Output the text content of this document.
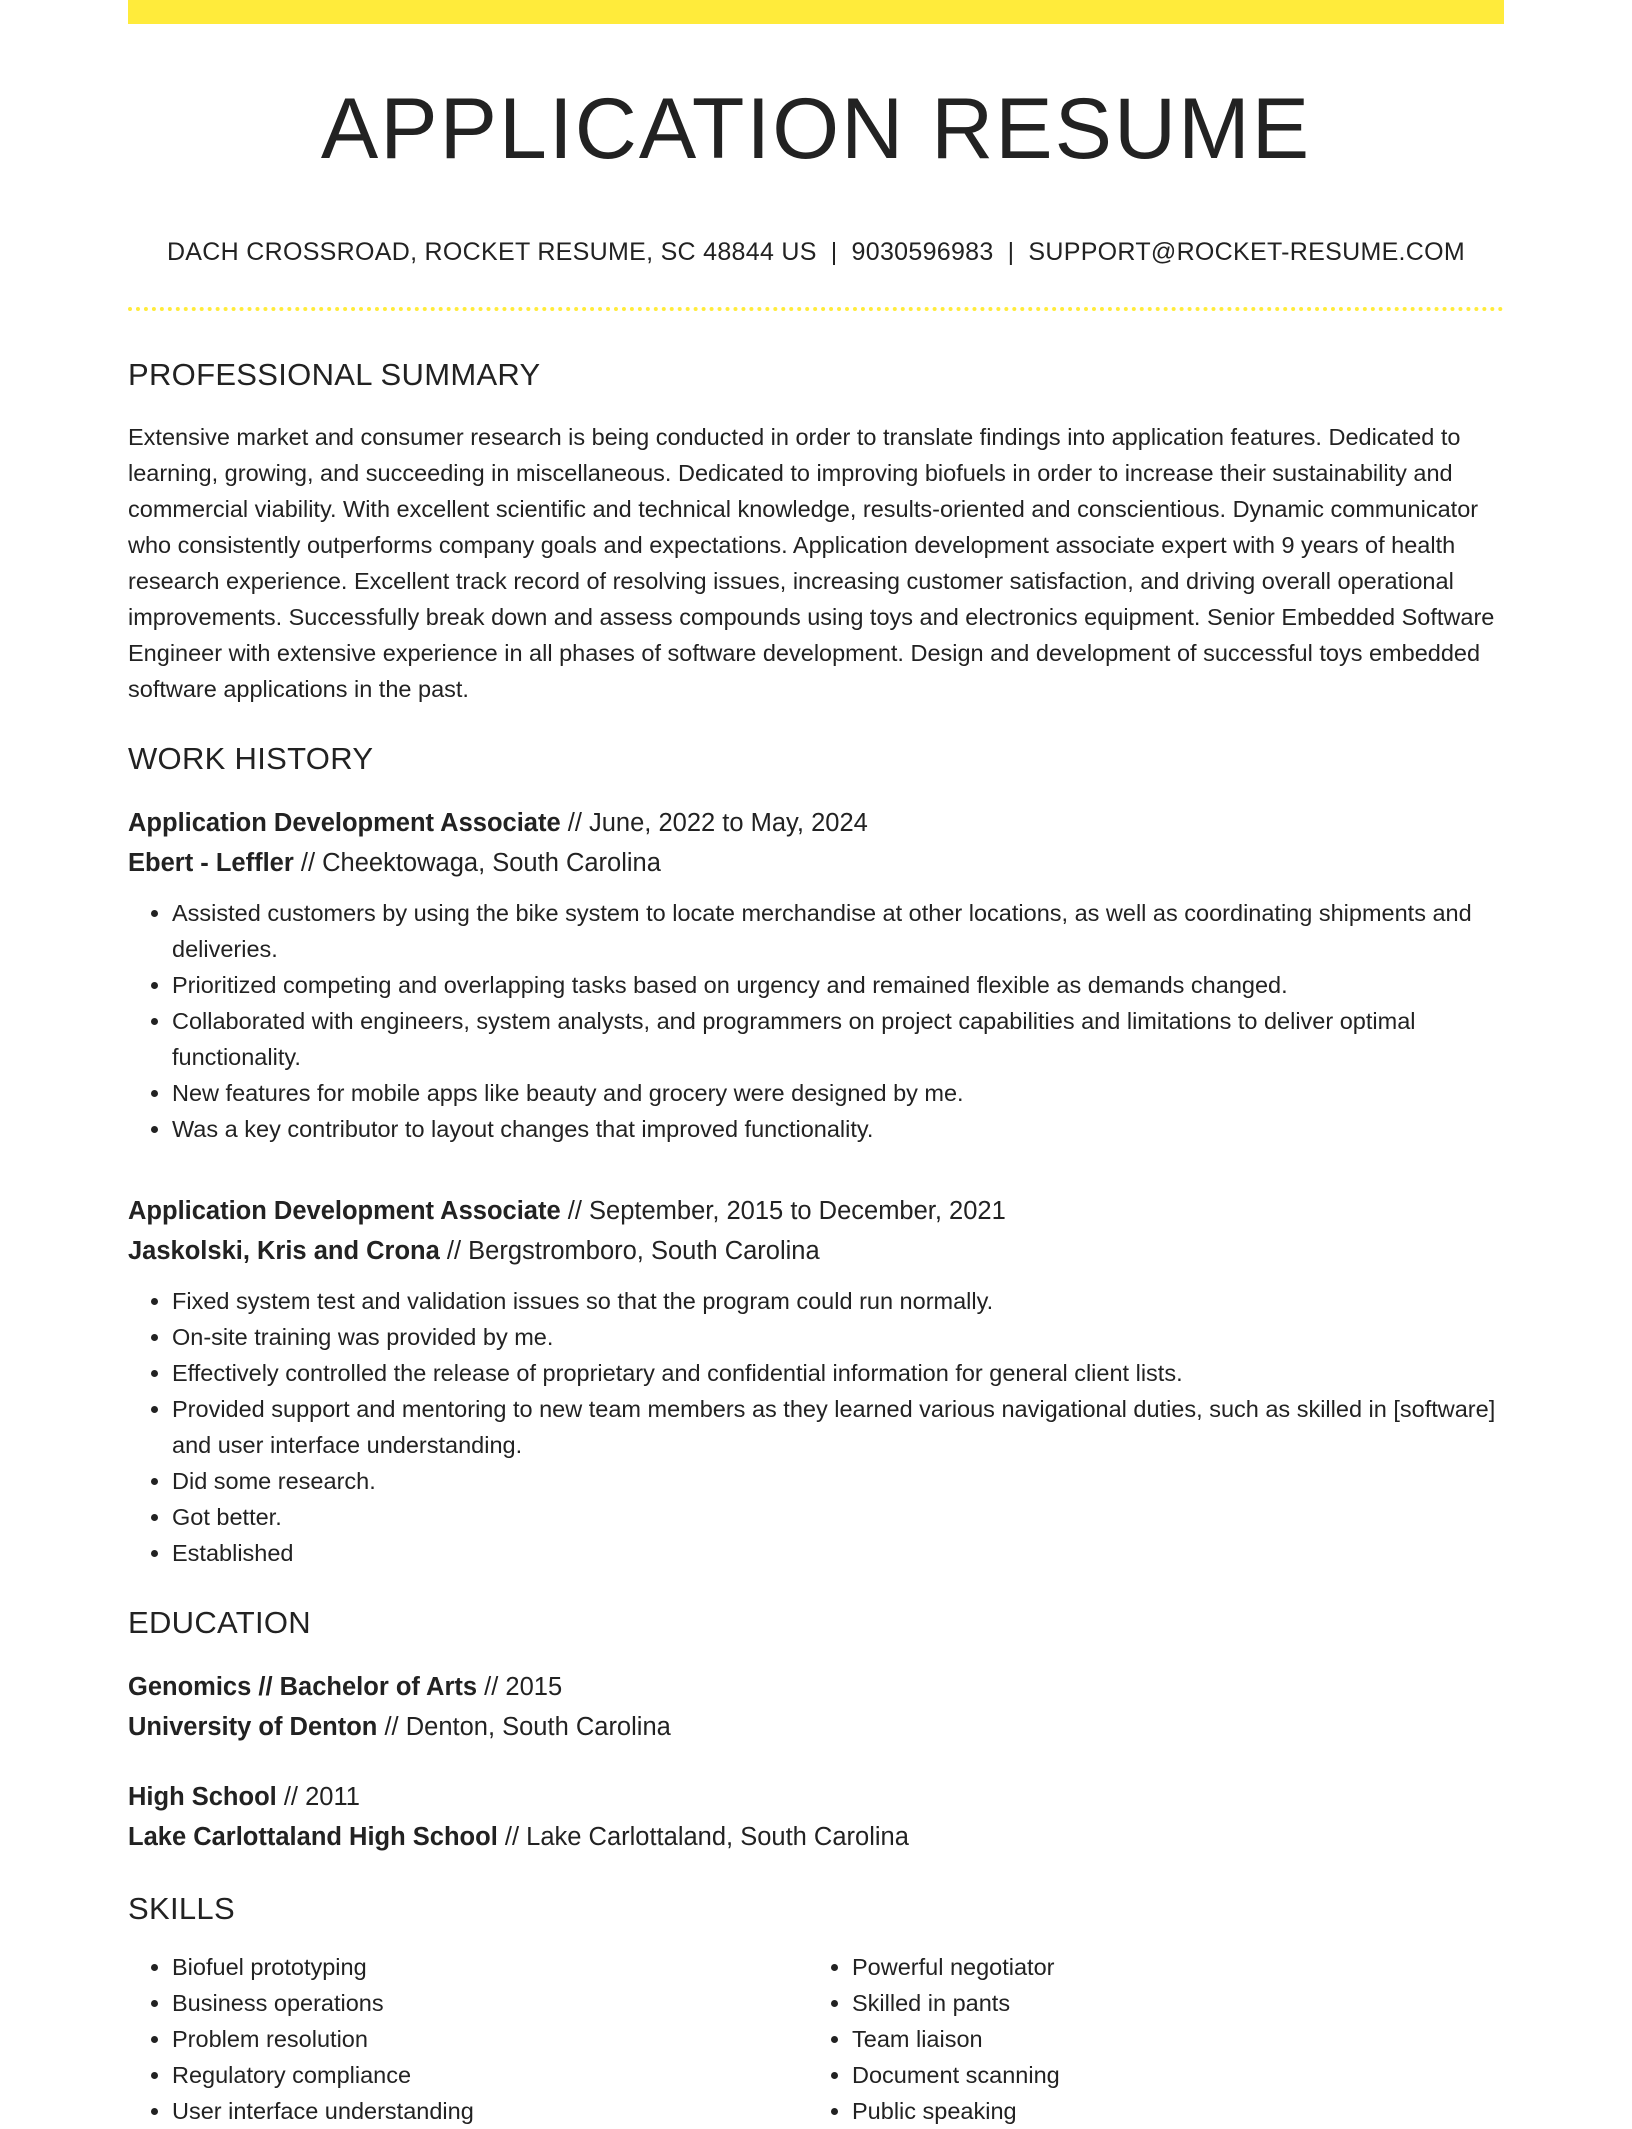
APPLICATION RESUME
DACH CROSSROAD, ROCKET RESUME, SC 48844 US | 9030596983 | SUPPORT@ROCKET-RESUME.COM
PROFESSIONAL SUMMARY
Extensive market and consumer research is being conducted in order to translate findings into application features. Dedicated to learning, growing, and succeeding in miscellaneous. Dedicated to improving biofuels in order to increase their sustainability and commercial viability. With excellent scientific and technical knowledge, results-oriented and conscientious. Dynamic communicator who consistently outperforms company goals and expectations. Application development associate expert with 9 years of health research experience. Excellent track record of resolving issues, increasing customer satisfaction, and driving overall operational improvements. Successfully break down and assess compounds using toys and electronics equipment. Senior Embedded Software Engineer with extensive experience in all phases of software development. Design and development of successful toys embedded software applications in the past.
WORK HISTORY
Application Development Associate // June, 2022 to May, 2024
Ebert - Leffler // Cheektowaga, South Carolina
• Assisted customers by using the bike system to locate merchandise at other locations, as well as coordinating shipments and deliveries.
• Prioritized competing and overlapping tasks based on urgency and remained flexible as demands changed.
• Collaborated with engineers, system analysts, and programmers on project capabilities and limitations to deliver optimal functionality.
• New features for mobile apps like beauty and grocery were designed by me.
• Was a key contributor to layout changes that improved functionality.
Application Development Associate // September, 2015 to December, 2021
Jaskolski, Kris and Crona // Bergstromboro, South Carolina
• Fixed system test and validation issues so that the program could run normally.
• On-site training was provided by me.
• Effectively controlled the release of proprietary and confidential information for general client lists.
• Provided support and mentoring to new team members as they learned various navigational duties, such as skilled in [software] and user interface understanding.
• Did some research.
• Got better.
• Established
EDUCATION
Genomics // Bachelor of Arts // 2015
University of Denton // Denton, South Carolina
High School // 2011
Lake Carlottaland High School // Lake Carlottaland, South Carolina
SKILLS
• Biofuel prototyping
• Business operations
• Problem resolution
• Regulatory compliance
• User interface understanding
• Powerful negotiator
• Skilled in pants
• Team liaison
• Document scanning
• Public speaking
